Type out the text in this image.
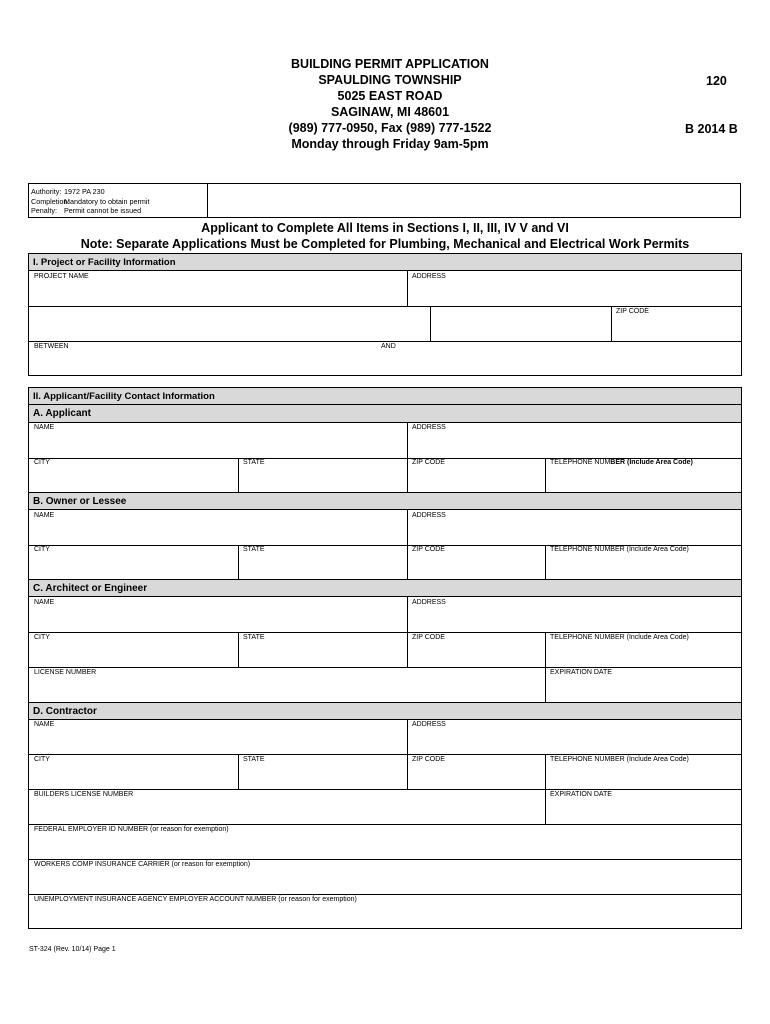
BUILDING PERMIT APPLICATION
SPAULDING TOWNSHIP
5025 EAST ROAD
SAGINAW, MI 48601
(989) 777-0950, Fax (989) 777-1522
Monday through Friday 9am-5pm
120
B 2014 B
Authority: 1972 PA 230
Completion:
Mandatory to obtain permit
Penalty: Permit cannot be issued
Applicant to Complete All Items in Sections I, II, III, IV V and VI
Note: Separate Applications Must be Completed for Plumbing, Mechanical and Electrical Work Permits
I. Project or Facility Information
PROJECT NAME	ADDRESS
ZIP CODE
BETWEEN	AND
II. Applicant/Facility Contact Information
A. Applicant
NAME	ADDRESS
CITY	STATE	ZIP CODE	TELEPHONE NUMBER (Include Area Code)
B. Owner or Lessee
NAME	ADDRESS
CITY	STATE	ZIP CODE	TELEPHONE NUMBER (Include Area Code)
C. Architect or Engineer
NAME	ADDRESS
CITY	STATE	ZIP CODE	TELEPHONE NUMBER (Include Area Code)
LICENSE NUMBER	EXPIRATION DATE
D. Contractor
NAME	ADDRESS
CITY	STATE	ZIP CODE	TELEPHONE NUMBER (Include Area Code)
BUILDERS LICENSE NUMBER	EXPIRATION DATE
FEDERAL EMPLOYER ID NUMBER (or reason for exemption)
WORKERS COMP INSURANCE CARRIER (or reason for exemption)
UNEMPLOYMENT INSURANCE AGENCY EMPLOYER ACCOUNT NUMBER (or reason for exemption)
ST-324 (Rev. 10/14) Page 1
